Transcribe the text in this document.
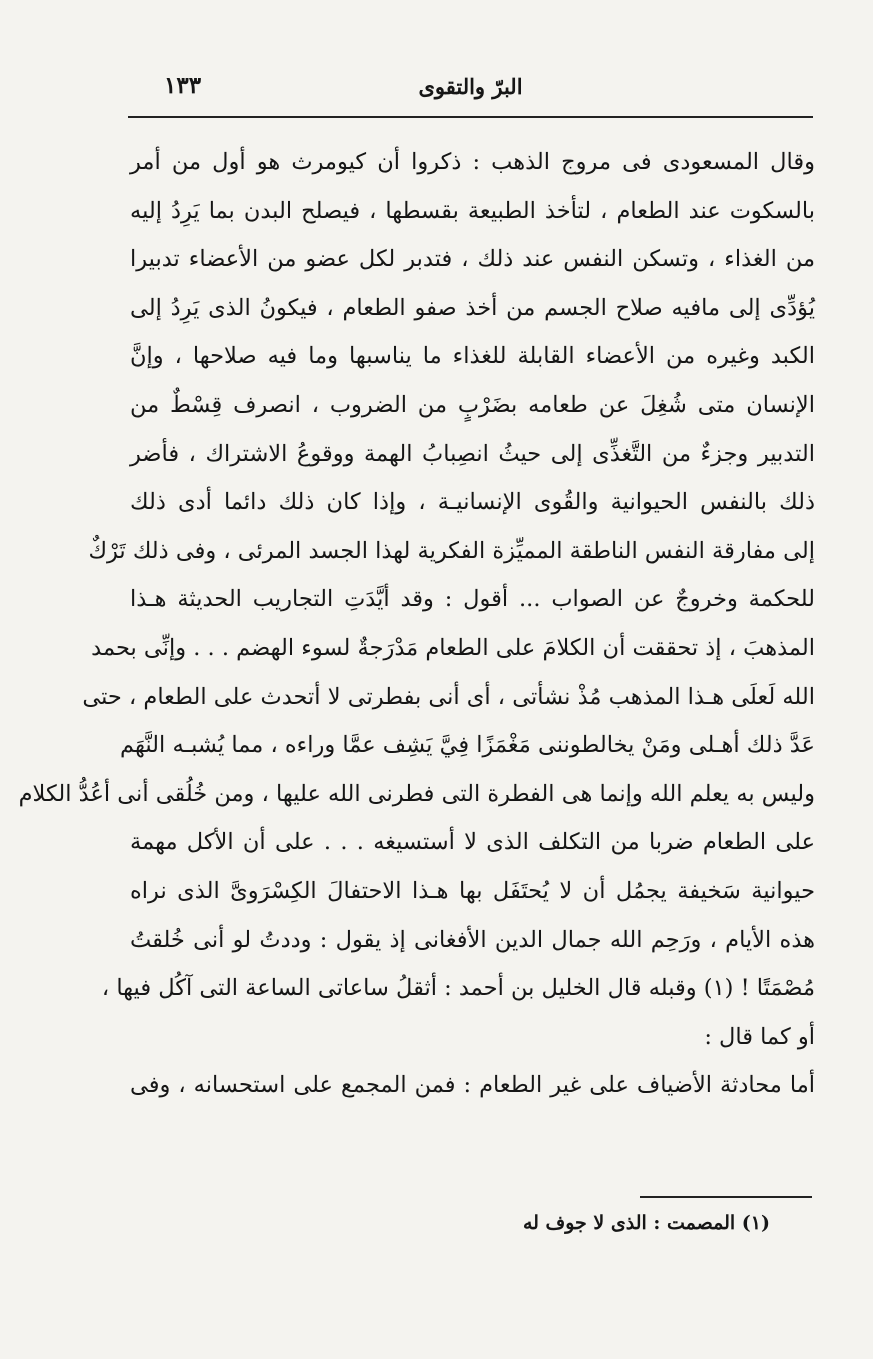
البرّ والتقوى
١٣٣
وقال المسعودى فى مروج الذهب : ذكروا أن كيومرث هو أول من أمر
بالسكوت عند الطعام ، لتأخذ الطبيعة بقسطها ، فيصلح البدن بما يَرِدُ إليه
من الغذاء ، وتسكن النفس عند ذلك ، فتدبر لكل عضو من الأعضاء تدبيرا
يُؤدِّى إلى مافيه صلاح الجسم من أخذ صفو الطعام ، فيكونُ الذى يَرِدُ إلى
الكبد وغيره من الأعضاء القابلة للغذاء ما يناسبها وما فيه صلاحها ، وإنَّ
الإنسان متى شُغِلَ عن طعامه بضَرْبٍ من الضروب ، انصرف قِسْطٌ من
التدبير وجزءٌ من التَّغذِّى إلى حيثُ انصِبابُ الهمة ووقوعُ الاشتراك ، فأضر
ذلك بالنفس الحيوانية والقُوى الإنسانيـة ، وإذا كان ذلك دائما أدى ذلك
إلى مفارقة النفس الناطقة المميِّزة الفكرية لهذا الجسد المرئى ، وفى ذلك تَرْكٌ
للحكمة وخروجٌ عن الصواب ... أقول : وقد أيَّدَتِ التجاريب الحديثة هـذا
المذهبَ ، إذ تحققت أن الكلامَ على الطعام مَدْرَجةٌ لسوء الهضم . . . وإنِّى بحمد
الله لَعلَى هـذا المذهب مُذْ نشأتى ، أى أنى بفطرتى لا أتحدث على الطعام ، حتى
عَدَّ ذلك أهـلى ومَنْ يخالطوننى مَغْمَزًا فِيَّ يَشِف عمَّا وراءه ، مما يُشبـه النَّهَم
وليس به يعلم الله وإنما هى الفطرة التى فطرنى الله عليها ، ومن خُلُقى أنى أعُدُّ الكلام
على الطعام ضربا من التكلف الذى لا أستسيغه . . . على أن الأكل مهمة
حيوانية سَخيفة يجمُل أن لا يُحتَفَل بها هـذا الاحتفالَ الكِسْرَوىَّ الذى نراه
هذه الأيام ، ورَحِم الله جمال الدين الأفغانى إذ يقول : وددتُ لو أنى خُلقتُ
مُصْمَتًا ! (١) وقبله قال الخليل بن أحمد : أثقلُ ساعاتى الساعة التى آكُل فيها ،
أو كما قال :
أما محادثة الأضياف على غير الطعام : فمن المجمع على استحسانه ، وفى
(١) المصمت : الذى لا جوف له
